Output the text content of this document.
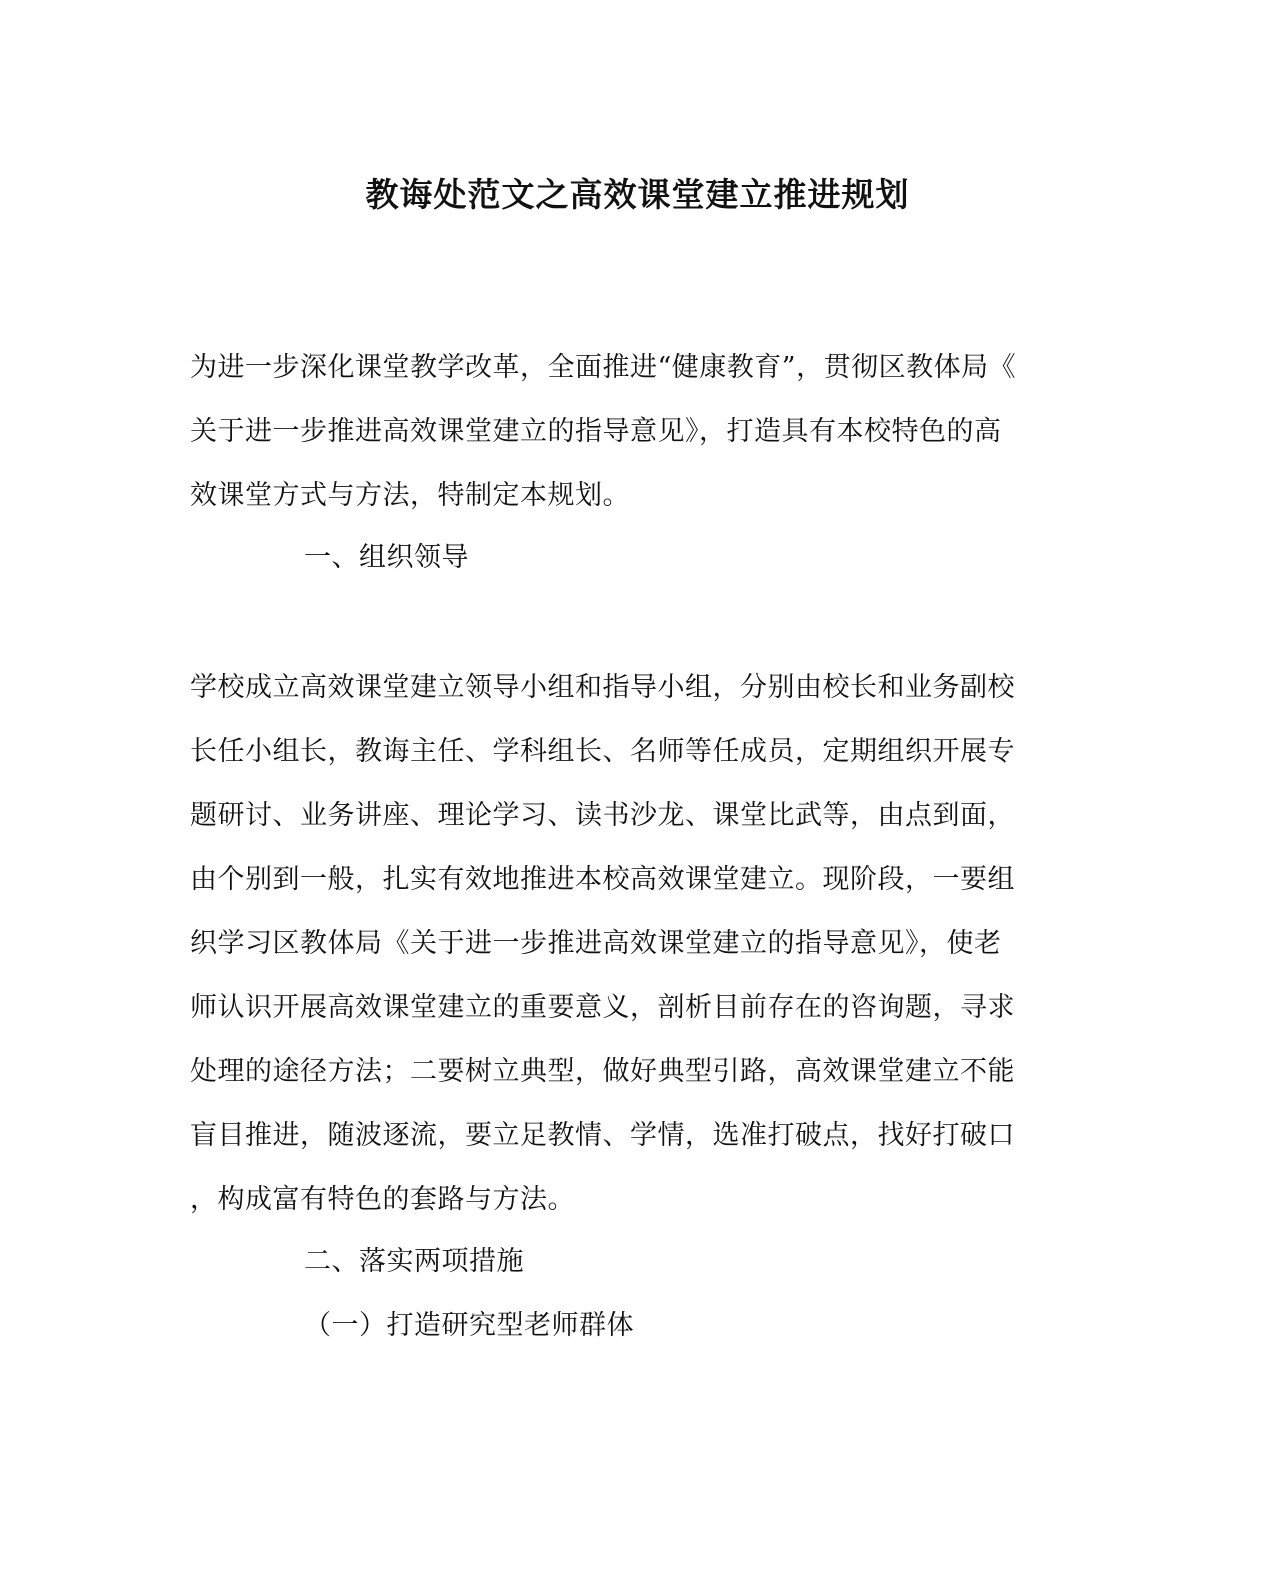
教诲处范文之高效课堂建立推进规划
为进一步深化课堂教学改革，全面推进“健康教育”，贯彻区教体局《
关于进一步推进高效课堂建立的指导意见》，打造具有本校特色的高
效课堂方式与方法，特制定本规划。
一、组织领导
学校成立高效课堂建立领导小组和指导小组，分别由校长和业务副校
长任小组长，教诲主任、学科组长、名师等任成员，定期组织开展专
题研讨、业务讲座、理论学习、读书沙龙、课堂比武等，由点到面，
由个别到一般，扎实有效地推进本校高效课堂建立。现阶段，一要组
织学习区教体局《关于进一步推进高效课堂建立的指导意见》，使老
师认识开展高效课堂建立的重要意义，剖析目前存在的咨询题，寻求
处理的途径方法；二要树立典型，做好典型引路，高效课堂建立不能
盲目推进，随波逐流，要立足教情、学情，选准打破点，找好打破口
，构成富有特色的套路与方法。
二、落实两项措施
（一）打造研究型老师群体
